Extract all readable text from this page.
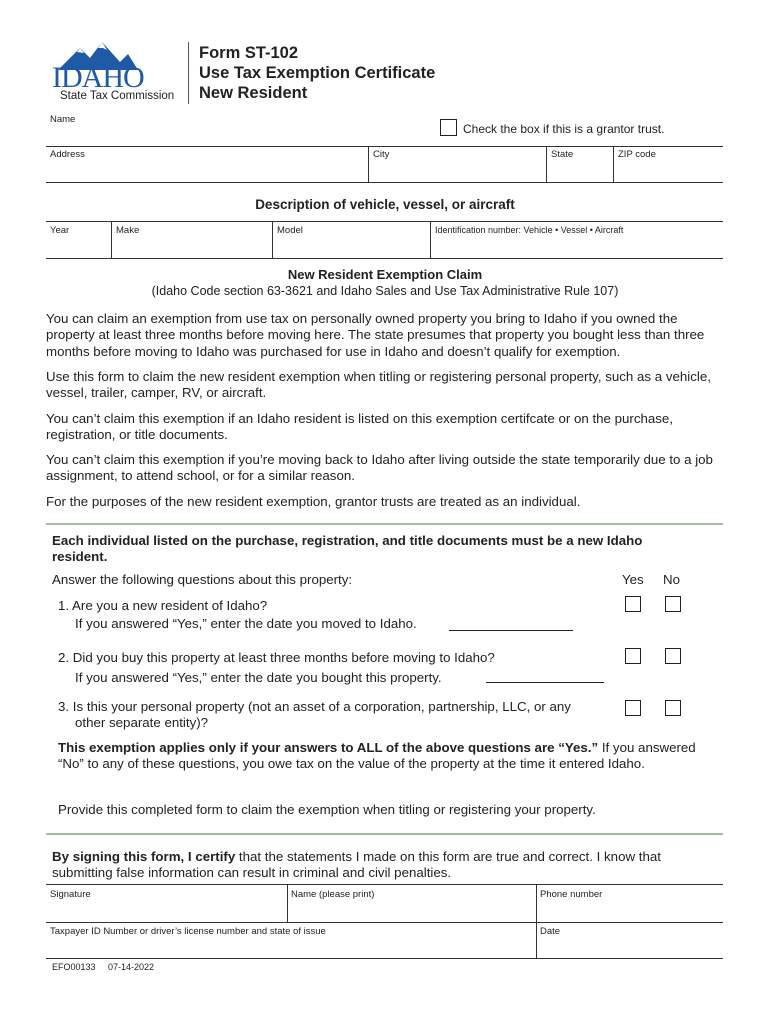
IDAHO
State Tax Commission
Form ST-102
Use Tax Exemption Certificate
New Resident
Name
Check the box if this is a grantor trust.
Address	City	State	ZIP code
Description of vehicle, vessel, or aircraft
Year	Make	Model	Identification number: Vehicle • Vessel • Aircraft
New Resident Exemption Claim
(Idaho Code section 63-3621 and Idaho Sales and Use Tax Administrative Rule 107)
You can claim an exemption from use tax on personally owned property you bring to Idaho if you owned the property at least three months before moving here. The state presumes that property you bought less than three months before moving to Idaho was purchased for use in Idaho and doesn’t qualify for exemption.
Use this form to claim the new resident exemption when titling or registering personal property, such as a vehicle, vessel, trailer, camper, RV, or aircraft.
You can’t claim this exemption if an Idaho resident is listed on this exemption certifcate or on the purchase, registration, or title documents.
You can’t claim this exemption if you’re moving back to Idaho after living outside the state temporarily due to a job assignment, to attend school, or for a similar reason.
For the purposes of the new resident exemption, grantor trusts are treated as an individual.
Each individual listed on the purchase, registration, and title documents must be a new Idaho resident.
Answer the following questions about this property:	Yes No
1. Are you a new resident of Idaho?
If you answered “Yes,” enter the date you moved to Idaho.
2. Did you buy this property at least three months before moving to Idaho?
If you answered “Yes,” enter the date you bought this property.
3. Is this your personal property (not an asset of a corporation, partnership, LLC, or any
other separate entity)?
This exemption applies only if your answers to ALL of the above questions are “Yes.” If you answered “No” to any of these questions, you owe tax on the value of the property at the time it entered Idaho.
Provide this completed form to claim the exemption when titling or registering your property.
By signing this form, I certify that the statements I made on this form are true and correct. I know that submitting false information can result in criminal and civil penalties.
Signature	Name (please print)	Phone number
Taxpayer ID Number or driver’s license number and state of issue	Date
EFO00133 07-14-2022
